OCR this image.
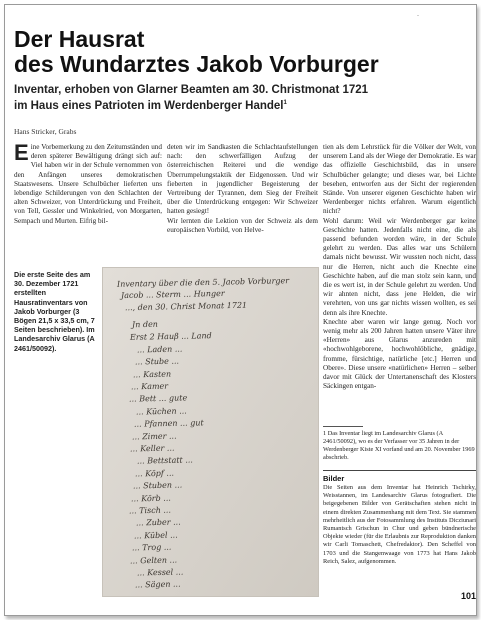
-
Der Hausrat
des Wundarztes Jakob Vorburger
Inventar, erhoben von Glarner Beamten am 30. Christmonat 1721
im Haus eines Patrioten im Werdenberger Handel$^1$
Hans Stricker, Grabs

Eine Vorbemerkung zu den Zeitumständen und deren späterer Bewältigung drängt sich auf: Viel haben wir in der Schule vernommen von den Anfängen unseres demokratischen Staatswesens. Unsere Schulbücher lieferten uns lebendige Schilderungen von den Schlachten der alten Schweizer, von Unterdrückung und Freiheit, von Tell, Gessler und Winkelried, von Morgarten, Sempach und Murten. Eifrig bil-

deten wir im Sandkasten die Schlachtaufstellungen nach: den schwerfälligen Aufzug der österreichischen Reiterei und die wendige Überrumpelungstaktik der Eidgenossen. Und wir fieberten in jugendlicher Begeisterung der Vertreibung der Tyrannen, dem Sieg der Freiheit über die Unterdrückung entgegen: Wir Schweizer hatten gesiegt!

Wir lernten die Lektion von der Schweiz als dem europäischen Vorbild, von Helve-

tien als dem Lehrstück für die Völker der Welt, von unserem Land als der Wiege der Demokratie. Es war das offizielle Geschichtsbild, das in unsere Schulbücher gelangte; und dieses war, bei Lichte besehen, entworfen aus der Sicht der regierenden Stände. Von unserer eigenen Geschichte haben wir Werdenberger nichts erfahren. Warum eigentlich nicht?

Wohl darum: Weil wir Werdenberger gar keine Geschichte hatten. Jedenfalls nicht eine, die als passend befunden worden wäre, in der Schule gelehrt zu werden. Das alles war uns Schülern damals nicht bewusst. Wir wussten noch nicht, dass nur die Herren, nicht auch die Knechte eine Geschichte haben, auf die man stolz sein kann, und die es wert ist, in der Schule gelehrt zu werden. Und wir ahnten nicht, dass jene Helden, die wir verehrten, von uns gar nichts wissen wollten, es sei denn als ihre Knechte.

Knechte aber waren wir lange genug. Noch vor wenig mehr als 200 Jahren hatten unsere Väter ihre «Herren» aus Glarus anzureden mit «hochwohlgeborene, hochwohlöbliche, gnädige, fromme, fürsichtige, natürliche [etc.] Herren und Obere». Diese unsere «natürlichen» Herren – selber davor mit Glück der Untertanenschaft des Klosters Säckingen entgan-

Die erste Seite des am 30. Dezember 1721 erstellten Hausratinventars von Jakob Vorburger (3 Bögen 21,5 x 33,5 cm, 7 Seiten beschrieben). Im Landesarchiv Glarus (A 2461/50092).
Inventary über die den 5. Jacob Vorburger
Jacob ... Sterm ... Hunger
..., den 30. Christ Monat 1721
Jn den
Erst 2 Hauβ ... Land
... Laden ...
... Stube ...
... Kasten
... Kamer
... Bett ... gute
... Küchen ...
... Pfannen ... gut
... Zimer ...
... Keller ...
... Bettstatt ...
... Köpf ...
... Stuben ...
... Körb ...
... Tisch ...
... Zuber ...
... Kübel ...
... Trog ...
... Gelten ...
... Kessel ...
... Sägen ...
1 Das Inventar liegt im Landesarchiv Glarus (A 2461/50092), wo es der Verfasser vor 35 Jahren in der Werdenberger Kiste XI vorfand und am 20. November 1969 abschrieb.
Bilder
Die Seiten aus dem Inventar hat Heinrich Tschirky, Weisstannen, im Landesarchiv Glarus fotografiert. Die beigegebenen Bilder von Gerätschaften stehen nicht in einem direkten Zusammenhang mit dem Text. Sie stammen mehrheitlich aus der Fotosammlung des Instituts Dicziunari Rumantsch Grischun in Chur und geben bündnerische Objekte wieder (für die Erlaubnis zur Reproduktion danken wir Carli Tomaschett, Chefredaktor). Den Scheffel von 1703 und die Stangenwaage von 1773 hat Hans Jakob Reich, Salez, aufgenommen.
101
